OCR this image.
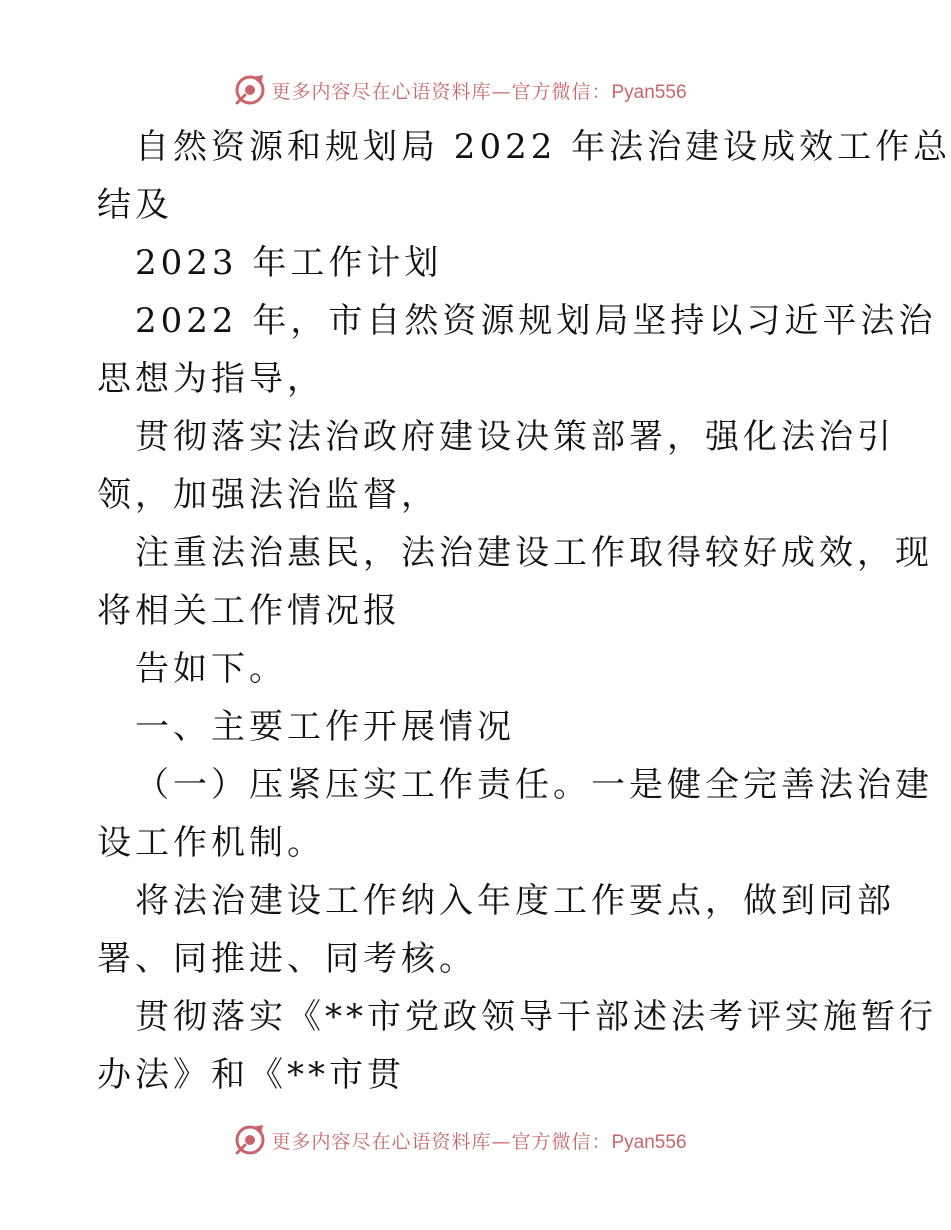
更多内容尽在心语资料库—官方微信：Pyan556
自然资源和规划局 2022 年法治建设成效工作总
结及
2023 年工作计划
2022 年，市自然资源规划局坚持以习近平法治
思想为指导，
贯彻落实法治政府建设决策部署，强化法治引
领，加强法治监督，
注重法治惠民，法治建设工作取得较好成效，现
将相关工作情况报
告如下。
一、主要工作开展情况
（一）压紧压实工作责任。一是健全完善法治建
设工作机制。
将法治建设工作纳入年度工作要点，做到同部
署、同推进、同考核。
贯彻落实《**市党政领导干部述法考评实施暂行
办法》和《**市贯
更多内容尽在心语资料库—官方微信：Pyan556
